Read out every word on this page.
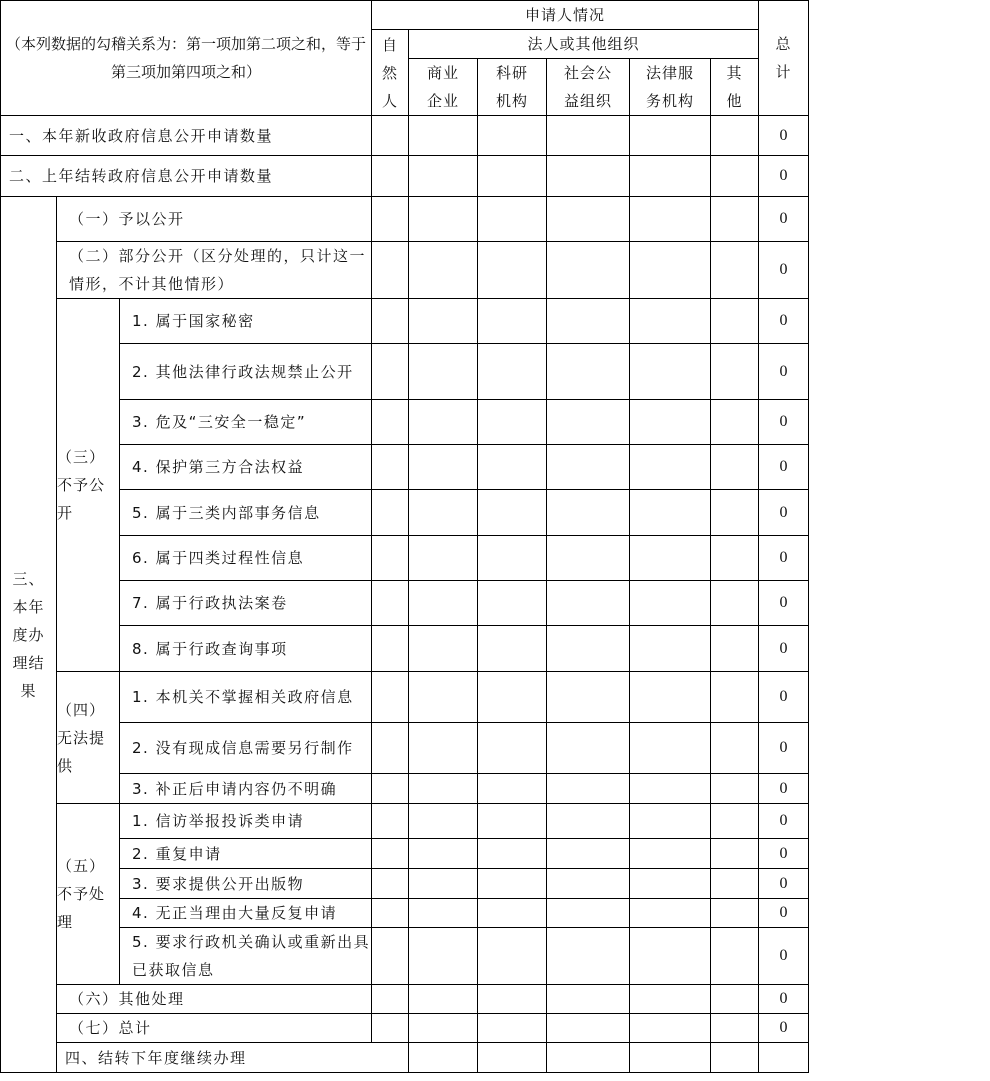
（本列数据的勾稽关系为：第一项加第二项之和，等于第三项加第四项之和）			申请人情况						总计	
			自然人	法人或其他组织						
				商业企业	科研机构	社会公益组织	法律服务机构	其他		

一、本年新收政府信息公开申请数量									0	
二、上年结转政府信息公开申请数量									0	
三、本年度办理结果	（一）予以公开								0	
	（二）部分公开（区分处理的，只计这一情形，不计其他情形）								0	
	（三）不予公开	1. 属于国家秘密							0	
		2. 其他法律行政法规禁止公开							0	
		3. 危及“三安全一稳定”							0	
		4. 保护第三方合法权益							0	
		5. 属于三类内部事务信息							0	
		6. 属于四类过程性信息							0	
		7. 属于行政执法案卷							0	
		8. 属于行政查询事项							0	
	（四）无法提供	1. 本机关不掌握相关政府信息							0	
		2. 没有现成信息需要另行制作							0	
		3. 补正后申请内容仍不明确							0	
	（五）不予处理	1. 信访举报投诉类申请							0	
		2. 重复申请							0	
		3. 要求提供公开出版物							0	
		4. 无正当理由大量反复申请							0	
		5. 要求行政机关确认或重新出具已获取信息							0	
	（六）其他处理								0	
	（七）总计								0	
	四、结转下年度继续办理							
